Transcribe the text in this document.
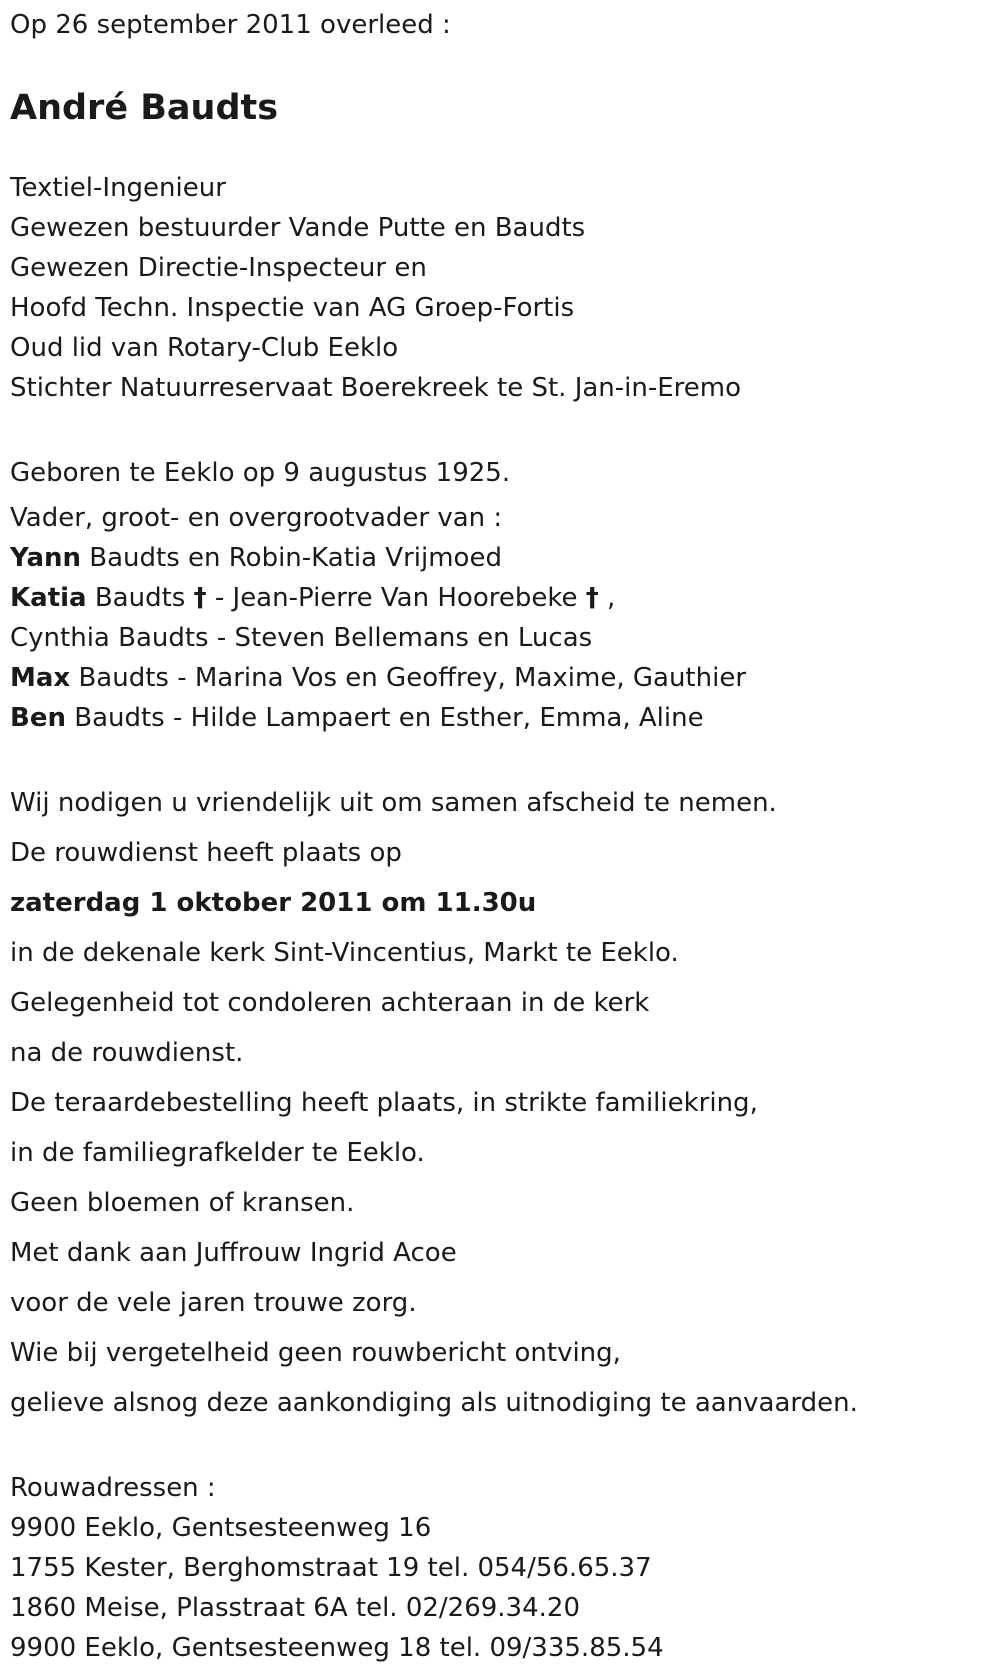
Op 26 september 2011 overleed :
André Baudts
Textiel-Ingenieur
Gewezen bestuurder Vande Putte en Baudts
Gewezen Directie-Inspecteur en
Hoofd Techn. Inspectie van AG Groep-Fortis
Oud lid van Rotary-Club Eeklo
Stichter Natuurreservaat Boerekreek te St. Jan-in-Eremo
Geboren te Eeklo op 9 augustus 1925.
Vader, groot- en overgrootvader van :
Yann Baudts en Robin-Katia Vrijmoed
Katia Baudts † - Jean-Pierre Van Hoorebeke † ,
Cynthia Baudts - Steven Bellemans en Lucas
Max Baudts - Marina Vos en Geoffrey, Maxime, Gauthier
Ben Baudts - Hilde Lampaert en Esther, Emma, Aline
Wij nodigen u vriendelijk uit om samen afscheid te nemen.
De rouwdienst heeft plaats op
zaterdag 1 oktober 2011 om 11.30u
in de dekenale kerk Sint-Vincentius, Markt te Eeklo.
Gelegenheid tot condoleren achteraan in de kerk
na de rouwdienst.
De teraardebestelling heeft plaats, in strikte familiekring,
in de familiegrafkelder te Eeklo.
Geen bloemen of kransen.
Met dank aan Juffrouw Ingrid Acoe
voor de vele jaren trouwe zorg.
Wie bij vergetelheid geen rouwbericht ontving,
gelieve alsnog deze aankondiging als uitnodiging te aanvaarden.
Rouwadressen :
9900 Eeklo, Gentsesteenweg 16
1755 Kester, Berghomstraat 19 tel. 054/56.65.37
1860 Meise, Plasstraat 6A tel. 02/269.34.20
9900 Eeklo, Gentsesteenweg 18 tel. 09/335.85.54
